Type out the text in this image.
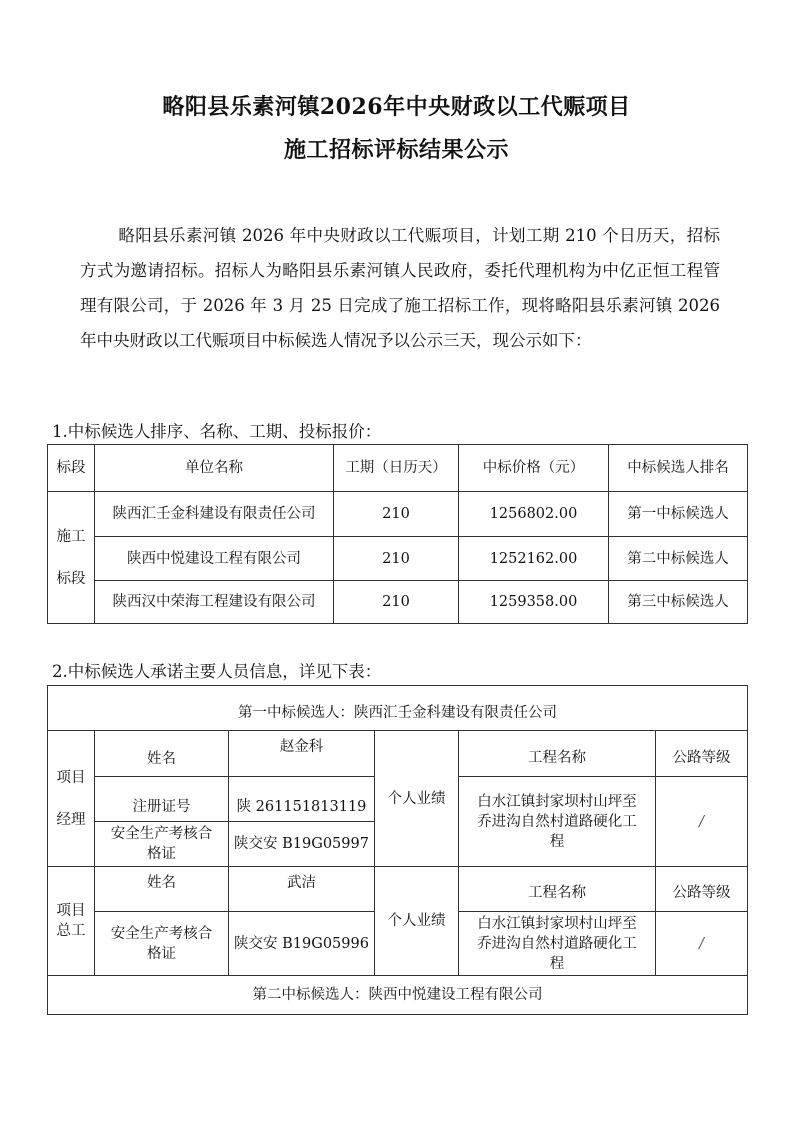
略阳县乐素河镇2026年中央财政以工代赈项目
施工招标评标结果公示
略阳县乐素河镇 2026 年中央财政以工代赈项目，计划工期 210 个日历天，招标方式为邀请招标。招标人为略阳县乐素河镇人民政府，委托代理机构为中亿正恒工程管理有限公司，于 2026 年 3 月 25 日完成了施工招标工作，现将略阳县乐素河镇 2026 年中央财政以工代赈项目中标候选人情况予以公示三天，现公示如下：
1.中标候选人排序、名称、工期、投标报价：
标段	单位名称	工期（日历天）	中标价格（元）	中标候选人排名

施工
标段	陕西汇壬金科建设有限责任公司	210	1256802.00	第一中标候选人
	陕西中悦建设工程有限公司	210	1252162.00	第二中标候选人
	陕西汉中荣海工程建设有限公司	210	1259358.00	第三中标候选人
2.中标候选人承诺主要人员信息，详见下表：
第一中标候选人：陕西汇壬金科建设有限责任公司					

项目
经理	姓名	赵金科	个人业绩	工程名称	公路等级
	注册证号	陕 261151813119		白水江镇封家坝村山坪至乔进沟自然村道路硬化工程	/
	安全生产考核合格证	陕交安 B19G05997			

项目
总工	姓名	武洁	个人业绩	工程名称	公路等级
	安全生产考核合格证	陕交安 B19G05996		白水江镇封家坝村山坪至乔进沟自然村道路硬化工程	/
第二中标候选人：陕西中悦建设工程有限公司					
